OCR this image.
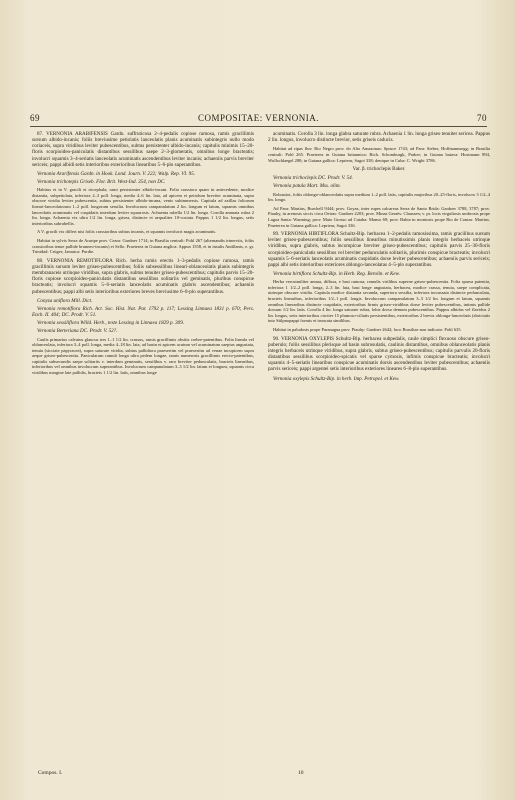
69	COMPOSITAE: VERNONIA.	70

87. VERNONIA ARABIFENSIS Gardn. suffruticosa 2–4-pedalis copiose ramosa, ramis gracillimis sursum albido-incanis; foliis breviusime petiolatis lanceolatis planis acuminatis subintegris nullo modo coriaceis, supra viridibus leviter pubescentibus, subtus persistenter albido-incanis; capitulis minimis 15–20-floris scorpioideo-paniculatis distantibus sessilibus saepe 2–3-glomeratis, omnibus longe bracteatis; involucri squamis 3–4-seriatis lanceolatis acuminatis ascendentibus leviter incanis; achaeniis parvis breviter sericeis; pappi albidi setis interioribus exterioribus linearibus 5–6-plo superantibus.

Vernonia Ararifensis Gardn. in Hook. Lond. Journ. V. 222; Walp. Rep. VI. 95.

Vernonia trichotepis Griseb. Flor. Brit. West-Ind. 354, non DC.

Habitus et in V. gracili et tricephala; rami persistenter albido-incani. Folia crassiora quam in antecedente, modice distantia, subpetiolata, inferiora 2–3 poll. longa, media 4–6 lin. lata, ad apicem et petiolum breviter acuminata, supra obscure viridia leviter pubescentia, subtus persistenter albido-incana, venis subimmersis. Capitula ad axillas foliorum lineari-lanceolatorum 1–2 poll. longorum sessilia. Involucrum campanulatum 2 lin. longum et latum, squamis omnibus lanceolatis acuminatis vel cuspidatis interdum leviter squarrosis. Achaenia rubella 1/2 lin. longa. Corolla annuata rubra 2 lin. longa. Achaenia vix ultra 1/2 lin. longa, grisea, distincte et aequaliter 10-costata. Pappus 1 1/2 lin. longus, setis interioribus subrubellis.

A V. gracili vix differt nisi foliis crassioribus subtus incanis, et squamis involucri magis acuminatis.

Habitat in sylvis Serra de Araripe prov. Ceara: Gardner 1714; in Brasilia centrali: Pohl 267 (alternandis trinerviis, foliis crassioribus tenue pallide brunneo-incanis) et Sello. Praeterea in Guiana anglica: Appun 1558, et in insulis Antillanis, e. gr. Trinidad: Crüger; Jamaica: Purdie.

88. VERNONIA REMOTIFLORA Rich. herba ramis erectis 1–3-pedalis copiose ramosa, ramis gracillimis sursum leviter griseo-pubescentibus; foliis subsessilibus lineari-oblanceolatis planis subintegris membranaceis utrinque viridibus, supra glabris, subtus tenuiter griseo-pubescentibus; capitulis parvis 15–20-floris copiose scorpioideo-paniculatis distantibus sessilibus solitariis vel geminatis, pluribus conspicue bracteatis; involucri squamis 5–6-seriatis lanceolatis acuminatis glabris ascendentibus; achaeniis pubescentibus; pappi albi setis interioribus exteriores breves breviusime 6–8-plo superantibus.

Conyza uniflora Mill. Dict.

Vernonia remotiflora Rich. Act. Soc. Hist. Nat. Par. 1792 p. 117; Lessing Linnaea 1831 p. 670; Pers. Ench. II. 404; DC. Prodr. V. 51.

Vernonia sessiliflora Willd. Herb., teste Lessing in Linnaea 1829 p. 309.

Vernonia Berteriana DC. Prodr. V. 52?.

Caulis primarius calvatus glaucus tres 1–1 1/2 lin. crassus, ramis gracillimis obsitis crebre-patentibus. Folia lineala vel oblanceolata, inferiora 3–4 poll. longa, media 4–18 lin. lata, ad basin et apicem acutum vel acuminatum saepius angustata, tenuia (sicciate papyracea), supra saturate viridia, subtus pallidiora praesertim vel praesertim ad venae incupicem supra aeque griseo-pubescentia. Panicularum ramuli longa ultra pedem longae, ramis numerosis gracillimis erecto-patentibus, capitulis subsecundis saepe solitariis v. interdum geminatis, sessilibus v. raro breviter pedunculatis, bracteis linearibus, inferioribus vel omnibus involucrum superantibus. Involucrum campanulatum 3–3 1/2 lin. latum et longum, squamis circa viridibus margine late pallidis, bracteis 1 1/2 lin. latis, omnibus longe

acuminatis. Corolla 3 lin. longa glabra saturate rubra. Achaenia 1 lin. longa griseo tenuiter sericea. Pappus 2 lin. longus, involucro distincte brevior, setis griseis caducis.

Habitat ad ripas fluv. Rio Negro prov. do Alto Amazonas: Spruce 1743; ad Para: Sieber, Hoffmannsegg; in Brasilia centrali: Pohl 265. Praeterea in Guiana britannica: Rich. Schomburgk, Parker; in Guiana batava: Hostmann 894, Wullschlaegel 288; in Guiana gallica: Leprieur, Sagot 338; denique in Cuba: C. Wright 3786.

Var. β. trichoclepis Baker.

Vernonia trichoclepis DC. Prodr. V. 54.

Vernonia patula Mart. Mss. olim.

Robustior, foliis oblongo-oblanceolatis supra medium 1–2 poll. latis, capitulis majoribus 20–25-floris, involucro 3 1/2–4 lin. longo.

Ad Para: Martius, Burchell 9444; prov. Goyaz, inter rupes calcareas Serra de Santo Brida: Gardner 3788, 3787; prov. Piauhy, in arenosis siccis circa Oeiras: Gardner 2203; prov. Minas Geraës: Claussen; v. pr. locis virgultosis umbrosis prope Lagoa Santa: Warming; prov. Mato Grosso ad Cuiaba: Manso 69; prov. Bahia in montosis prope Rio de Contas: Martius. Praeterea in Guiana gallica: Leprieur, Sagot 336.

89. VERNONIA HIRTIFLORA Schultz-Bip. herbacea 1–2-pedalis ramosissima, ramis gracilibus sursum leviter griseo-pubescentibus; foliis sessilibus linearibus minutissimis planis integris herbaceis utrinque viridibus, supra glabris, subtus incompicue breviter griseo-pubescentibus; capitulis parvis 25–30-floris scorpioideo-paniculatis sessilibus vel breviter pedunculatis solitariis, plurimis conspicue bracteatis; involucri squamis 5–6-seriatis lanceolatis acuminatis cuspidatis dorse leviter pubescentibus; achaeniis parvis sericeis; pappi albi setis interioribus exteriores oblongo-lanceolatas 4–5-plo superantibus.

Vernonia hirtiflora Schultz-Bip. in Herb. Reg. Berolin. et Kew.

Herba verosimiliter annua, diffusa, e basi ramosa, ramulis virilibus superne griseo-pubescentia. Folia sparsa patentia, inferiora 1 1/2–2 poll. longa, 2–3 lin. lata, basi longe angustata, herbacea, modice crassa, tenuia, saepe complicata, utrinque obscure viridia. Capitula modice distantia secunda, superiora sessilia, inferiora incrassata distincte pedunculata, bracteis linearibus, inferioribus 1/2–1 poll. longis. Involucrum campanulatum 3–3 1/2 lin. longum et latum, squamis omnibus lineraribus distincte cuspidatis, exterioribus firmis griseo-viridibus dorse leviter pubescentibus, intimis pallide dorsum 1/2 lin. latis. Corolla 4 lin. longa saturate rubra, lobis dorso demum pubescentibus. Pappus albidus vel flavidus 2 lin. longus, setis interioribus circiter 15 plumoso-ciliatis persistentibus, exterioribus 2 brevis oblonga-lanceolatis (abrictatis into Stilpnopappi formis et truncata similibus.

Habitat in paludosis prope Paranagua prov. Piauhy: Gardner 2642; loco Brasiliae non indicato: Pohl 635.

90. VERNONIA OXYLEPIS Schultz-Bip. herbacea subpedalis, caule simplici flexuoso obscure griseo-puberulo; foliis sessilibus plerisque ad basin subrosulatis, caulinis distantibus, omnibus oblanceolatis planis integris herbaceis utrinque viridibus, supra glabris, subtus griseo-pubescentibus; capitulis parvulis 20-floris distantibus sessilibus scorpioideo-spicatis vel sparse cymosis, infimis conspicue bracteatis; involucri squamis 4–5-seriatis linearibus conspicue acuminatis dorsis ascendentibus leviter pubescentibus; achaeniis parvis sericeis; pappi argentei setis interioribus exteriores lineares 6–8-plo superantibus.

Vernonia oxylepis Schultz-Bip. in herb. Imp. Petropol. et Kew.

Compos. I.	10
